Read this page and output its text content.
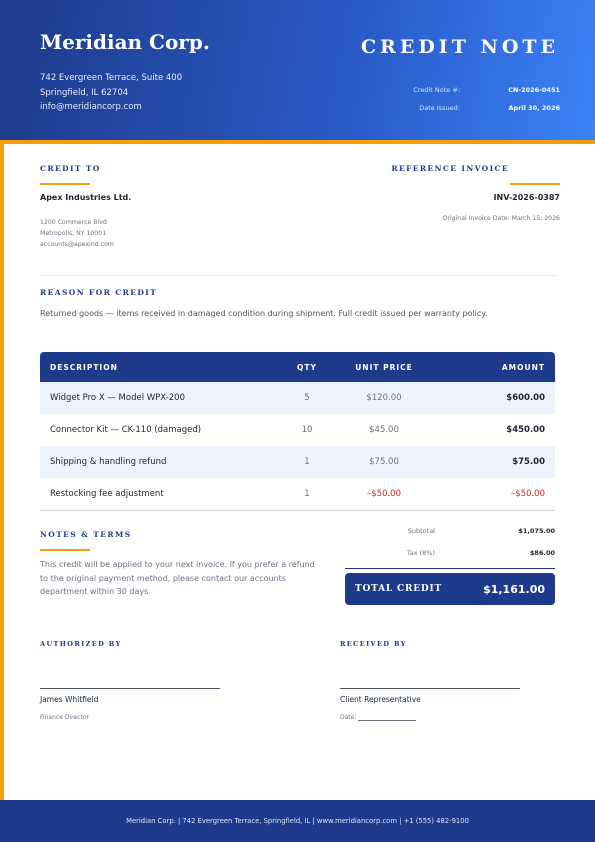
Meridian Corp.
742 Evergreen Terrace, Suite 400
Springfield, IL 62704
info@meridiancorp.com
CREDIT NOTE
Credit Note #:	CN-2026-0451
Date Issued:	April 30, 2026
CREDIT TO
Apex Industries Ltd.
1200 Commerce Blvd
Metropolis, NY 10001
accounts@apexind.com
REFERENCE INVOICE
INV-2026-0387
Original Invoice Date: March 15, 2026
REASON FOR CREDIT
Returned goods — items received in damaged condition during shipment. Full credit issued per warranty policy.
DESCRIPTION	QTY	UNIT PRICE	AMOUNT
Widget Pro X — Model WPX-200	5	$120.00	$600.00
Connector Kit — CK-110 (damaged)	10	$45.00	$450.00
Shipping & handling refund	1	$75.00	$75.00
Restocking fee adjustment	1	–$50.00	–$50.00
NOTES & TERMS
This credit will be applied to your next invoice. If you prefer a refund to the original payment method, please contact our accounts department within 30 days.
Subtotal	$1,075.00
Tax (8%)	$86.00
TOTAL CREDIT	$1,161.00
AUTHORIZED BY
James Whitfield
Finance Director
RECEIVED BY
Client Representative
Date:
Meridian Corp. | 742 Evergreen Terrace, Springfield, IL | www.meridiancorp.com | +1 (555) 482-9100
